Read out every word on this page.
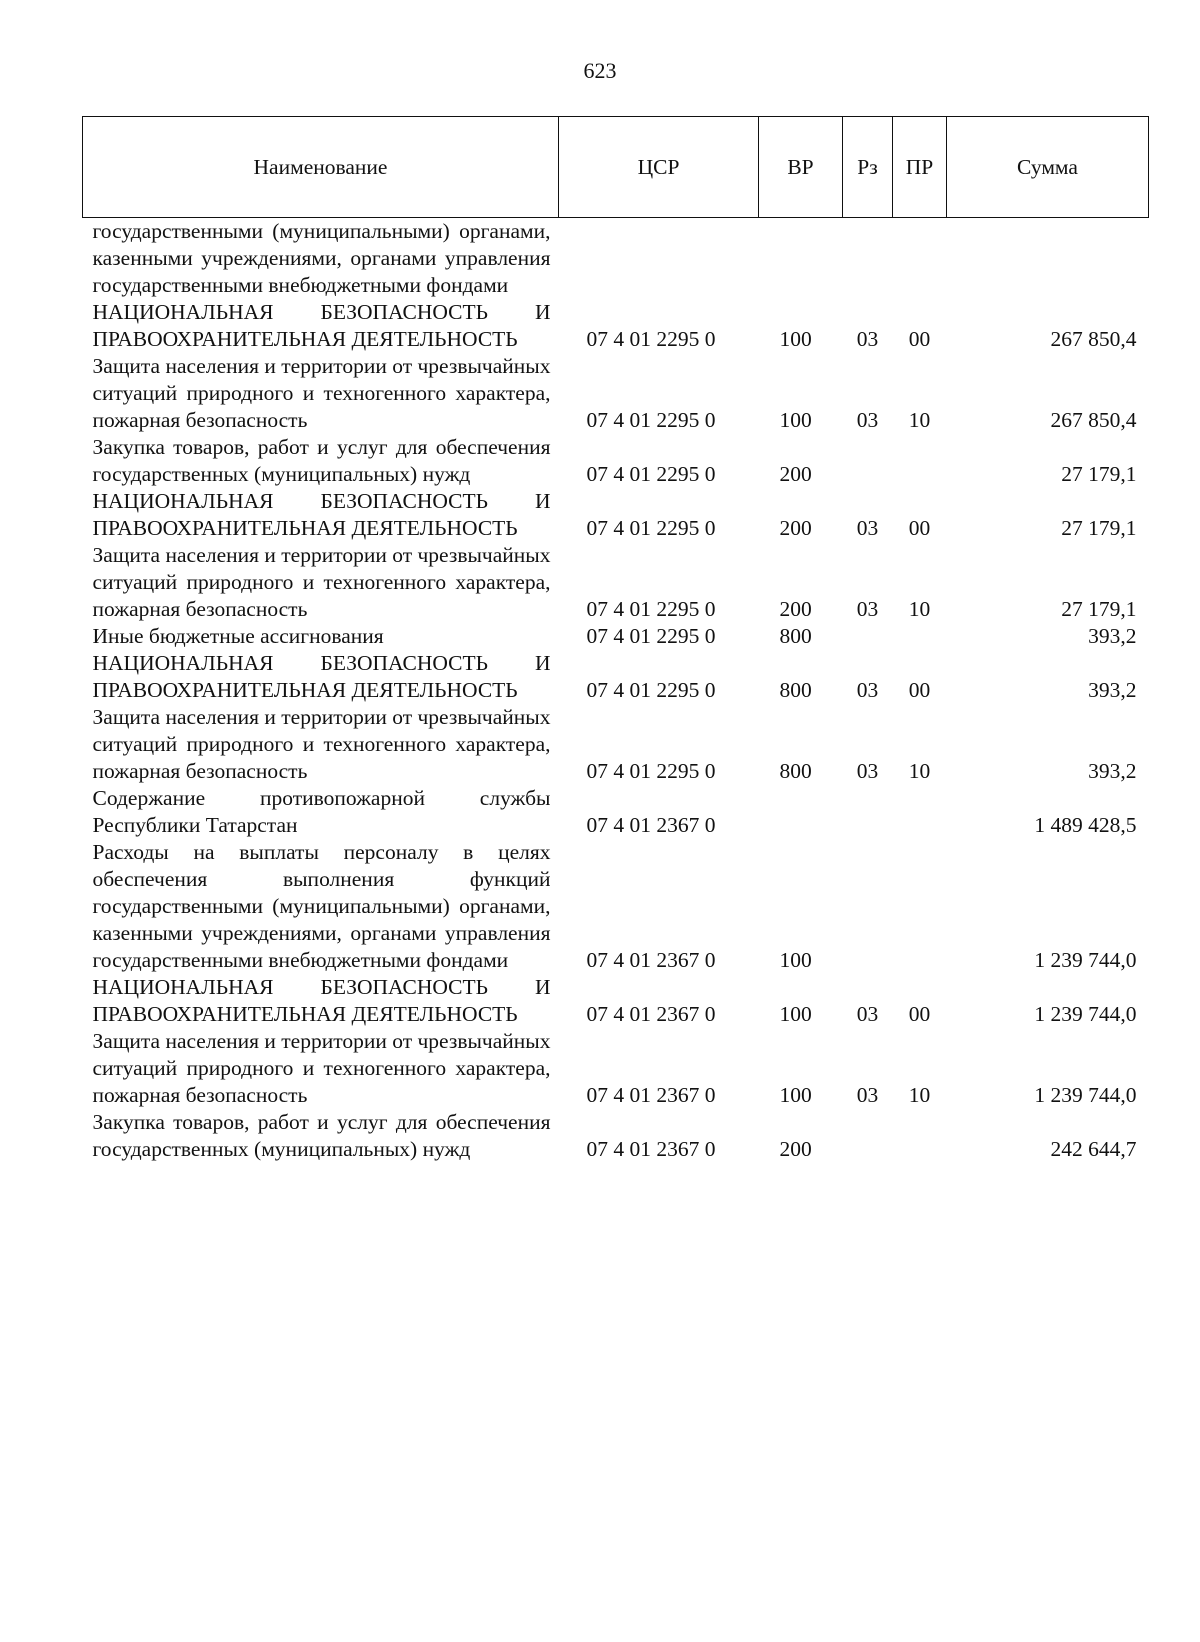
623
Наименование	ЦСР	ВР	Рз	ПР	Сумма
государственными (муниципальными) органами, казенными учреждениями, органами управления государственными внебюджетными фондами					
НАЦИОНАЛЬНАЯ БЕЗОПАСНОСТЬ И ПРАВООХРАНИТЕЛЬНАЯ ДЕЯТЕЛЬНОСТЬ	07 4 01 2295 0	100	03	00	267 850,4
Защита населения и территории от чрезвычайных ситуаций природного и техногенного характера, пожарная безопасность	07 4 01 2295 0	100	03	10	267 850,4
Закупка товаров, работ и услуг для обеспечения государственных (муниципальных) нужд	07 4 01 2295 0	200			27 179,1
НАЦИОНАЛЬНАЯ БЕЗОПАСНОСТЬ И ПРАВООХРАНИТЕЛЬНАЯ ДЕЯТЕЛЬНОСТЬ	07 4 01 2295 0	200	03	00	27 179,1
Защита населения и территории от чрезвычайных ситуаций природного и техногенного характера, пожарная безопасность	07 4 01 2295 0	200	03	10	27 179,1
Иные бюджетные ассигнования	07 4 01 2295 0	800			393,2
НАЦИОНАЛЬНАЯ БЕЗОПАСНОСТЬ И ПРАВООХРАНИТЕЛЬНАЯ ДЕЯТЕЛЬНОСТЬ	07 4 01 2295 0	800	03	00	393,2
Защита населения и территории от чрезвычайных ситуаций природного и техногенного характера, пожарная безопасность	07 4 01 2295 0	800	03	10	393,2
Содержание противопожарной службы Республики Татарстан	07 4 01 2367 0				1 489 428,5
Расходы на выплаты персоналу в целях обеспечения выполнения функций государственными (муниципальными) органами, казенными учреждениями, органами управления государственными внебюджетными фондами	07 4 01 2367 0	100			1 239 744,0
НАЦИОНАЛЬНАЯ БЕЗОПАСНОСТЬ И ПРАВООХРАНИТЕЛЬНАЯ ДЕЯТЕЛЬНОСТЬ	07 4 01 2367 0	100	03	00	1 239 744,0
Защита населения и территории от чрезвычайных ситуаций природного и техногенного характера, пожарная безопасность	07 4 01 2367 0	100	03	10	1 239 744,0
Закупка товаров, работ и услуг для обеспечения государственных (муниципальных) нужд	07 4 01 2367 0	200			242 644,7
